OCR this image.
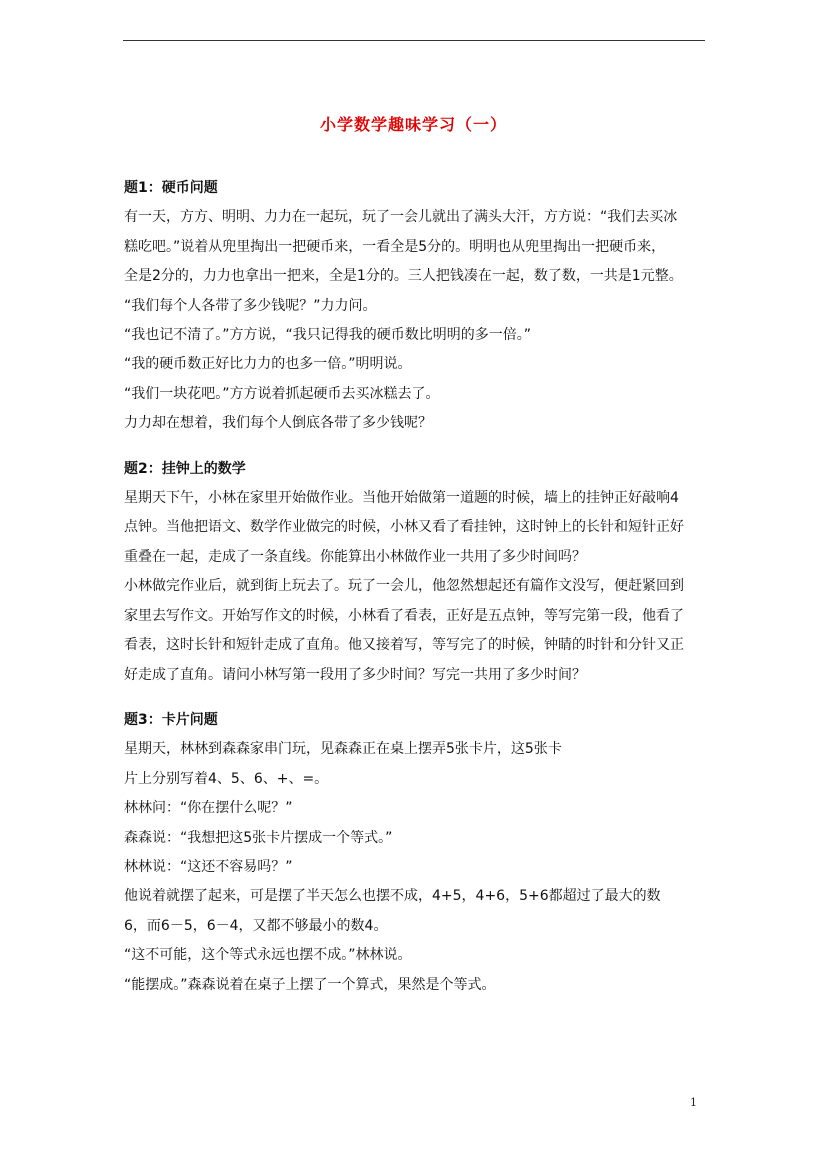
小学数学趣味学习（一）

题1：硬币问题

有一天，方方、明明、力力在一起玩，玩了一会儿就出了满头大汗，方方说：“我们去买冰

糕吃吧。”说着从兜里掏出一把硬币来，一看全是5分的。明明也从兜里掏出一把硬币来，

全是2分的，力力也拿出一把来，全是1分的。三人把钱凑在一起，数了数，一共是1元整。

“我们每个人各带了多少钱呢？”力力问。

“我也记不清了。”方方说，“我只记得我的硬币数比明明的多一倍。”

“我的硬币数正好比力力的也多一倍。”明明说。

“我们一块花吧。”方方说着抓起硬币去买冰糕去了。

力力却在想着，我们每个人倒底各带了多少钱呢？

题2：挂钟上的数学

星期天下午，小林在家里开始做作业。当他开始做第一道题的时候，墙上的挂钟正好敲响4

点钟。当他把语文、数学作业做完的时候，小林又看了看挂钟，这时钟上的长针和短针正好

重叠在一起，走成了一条直线。你能算出小林做作业一共用了多少时间吗？

小林做完作业后，就到街上玩去了。玩了一会儿，他忽然想起还有篇作文没写，便赶紧回到

家里去写作文。开始写作文的时候，小林看了看表，正好是五点钟，等写完第一段，他看了

看表，这时长针和短针走成了直角。他又接着写，等写完了的时候，钟睛的时针和分针又正

好走成了直角。请问小林写第一段用了多少时间？写完一共用了多少时间？

题3：卡片问题

星期天，林林到森森家串门玩，见森森正在桌上摆弄5张卡片，这5张卡

片上分别写着4、5、6、+、=。

林林问：“你在摆什么呢？”

森森说：“我想把这5张卡片摆成一个等式。”

林林说：“这还不容易吗？”

他说着就摆了起来，可是摆了半天怎么也摆不成，4+5，4+6，5+6都超过了最大的数

6，而6－5，6－4，又都不够最小的数4。

“这不可能，这个等式永远也摆不成。”林林说。

“能摆成。”森森说着在桌子上摆了一个算式，果然是个等式。

1
